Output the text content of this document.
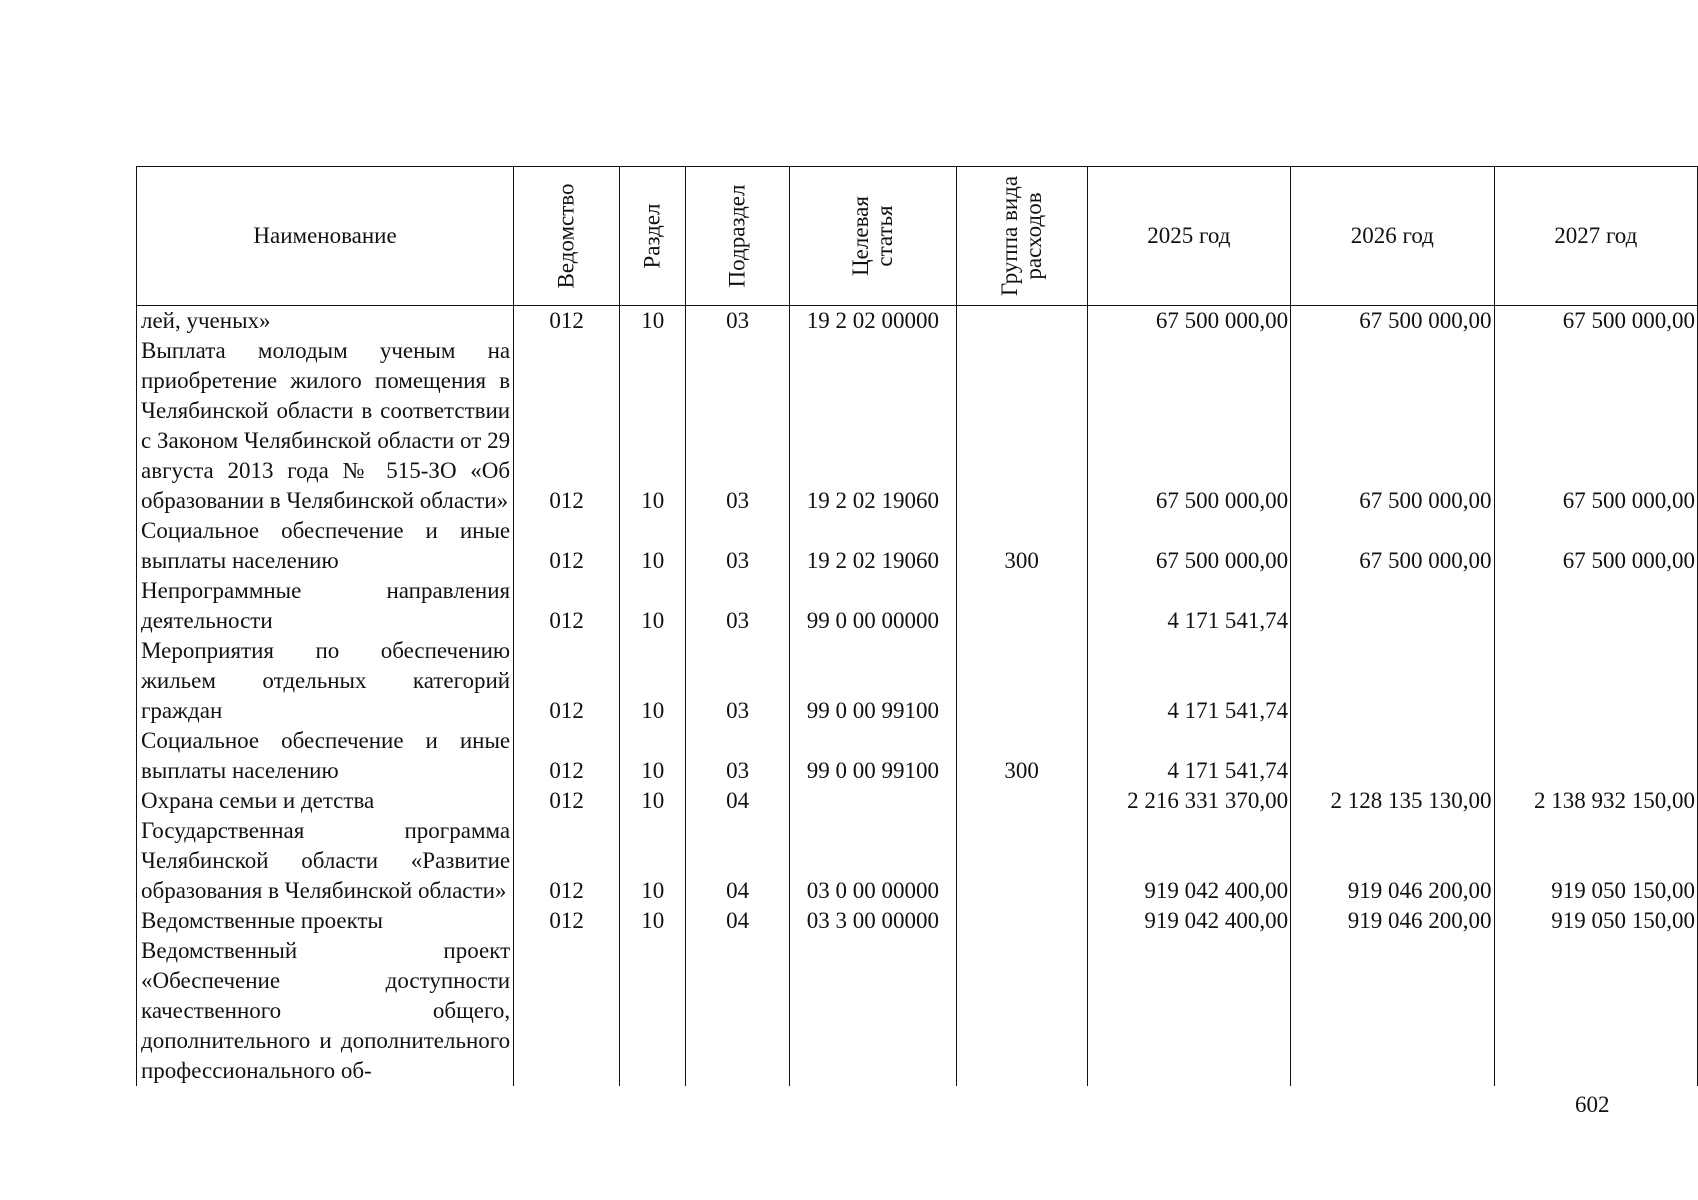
Наименование	Ведомство	Раздел	Подраздел	Целевая статья	Группа вида расходов	2025 год	2026 год	2027 год
лей, ученых»	012	10	03	19 2 02 00000		67 500 000,00	67 500 000,00	67 500 000,00
Выплата молодым ученым на приобретение жилого помещения в Челябинской области в соответствии с Законом Челябинской области от 29 августа 2013 года № 515-ЗО «Об образовании в Челябинской области»	012	10	03	19 2 02 19060		67 500 000,00	67 500 000,00	67 500 000,00
Социальное обеспечение и иные выплаты населению	012	10	03	19 2 02 19060	300	67 500 000,00	67 500 000,00	67 500 000,00
Непрограммные направления деятельности	012	10	03	99 0 00 00000		4 171 541,74		
Мероприятия по обеспечению жильем отдельных категорий граждан	012	10	03	99 0 00 99100		4 171 541,74		
Социальное обеспечение и иные выплаты населению	012	10	03	99 0 00 99100	300	4 171 541,74		
Охрана семьи и детства	012	10	04			2 216 331 370,00	2 128 135 130,00	2 138 932 150,00
Государственная программа Челябинской области «Развитие образования в Челябинской области»	012	10	04	03 0 00 00000		919 042 400,00	919 046 200,00	919 050 150,00
Ведомственные проекты	012	10	04	03 3 00 00000		919 042 400,00	919 046 200,00	919 050 150,00
Ведомственный проект «Обеспечение доступности качественного общего, дополнительного и дополнительного профессионального об-								
602
